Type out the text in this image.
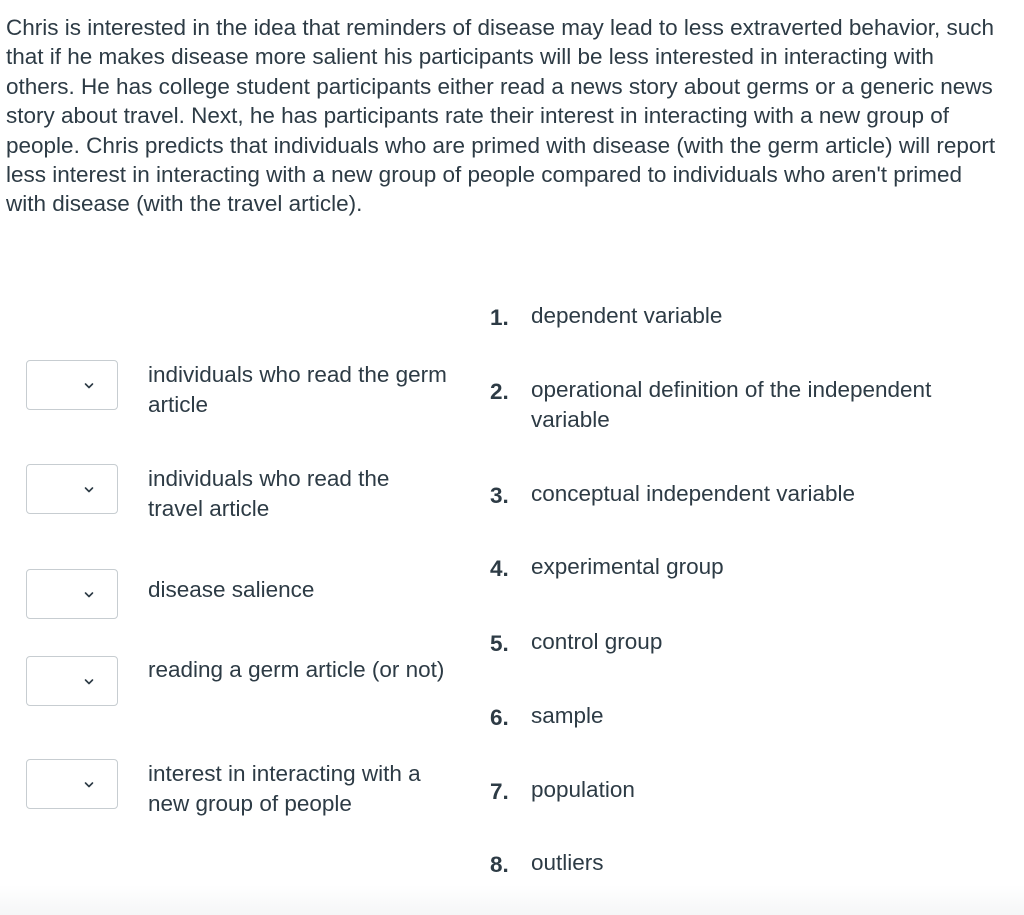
Chris is interested in the idea that reminders of disease may lead to less extraverted behavior, such that if he makes disease more salient his participants will be less interested in interacting with others. He has college student participants either read a news story about germs or a generic news story about travel. Next, he has participants rate their interest in interacting with a new group of people. Chris predicts that individuals who are primed with disease (with the germ article) will report less interest in interacting with a new group of people compared to individuals who aren't primed with disease (with the travel article).

individuals who read the germ article
individuals who read the travel article
disease salience
reading a germ article (or not)
interest in interacting with a new group of people
1. dependent variable
2. operational definition of the independent variable
3. conceptual independent variable
4. experimental group
5. control group
6. sample
7. population
8. outliers
